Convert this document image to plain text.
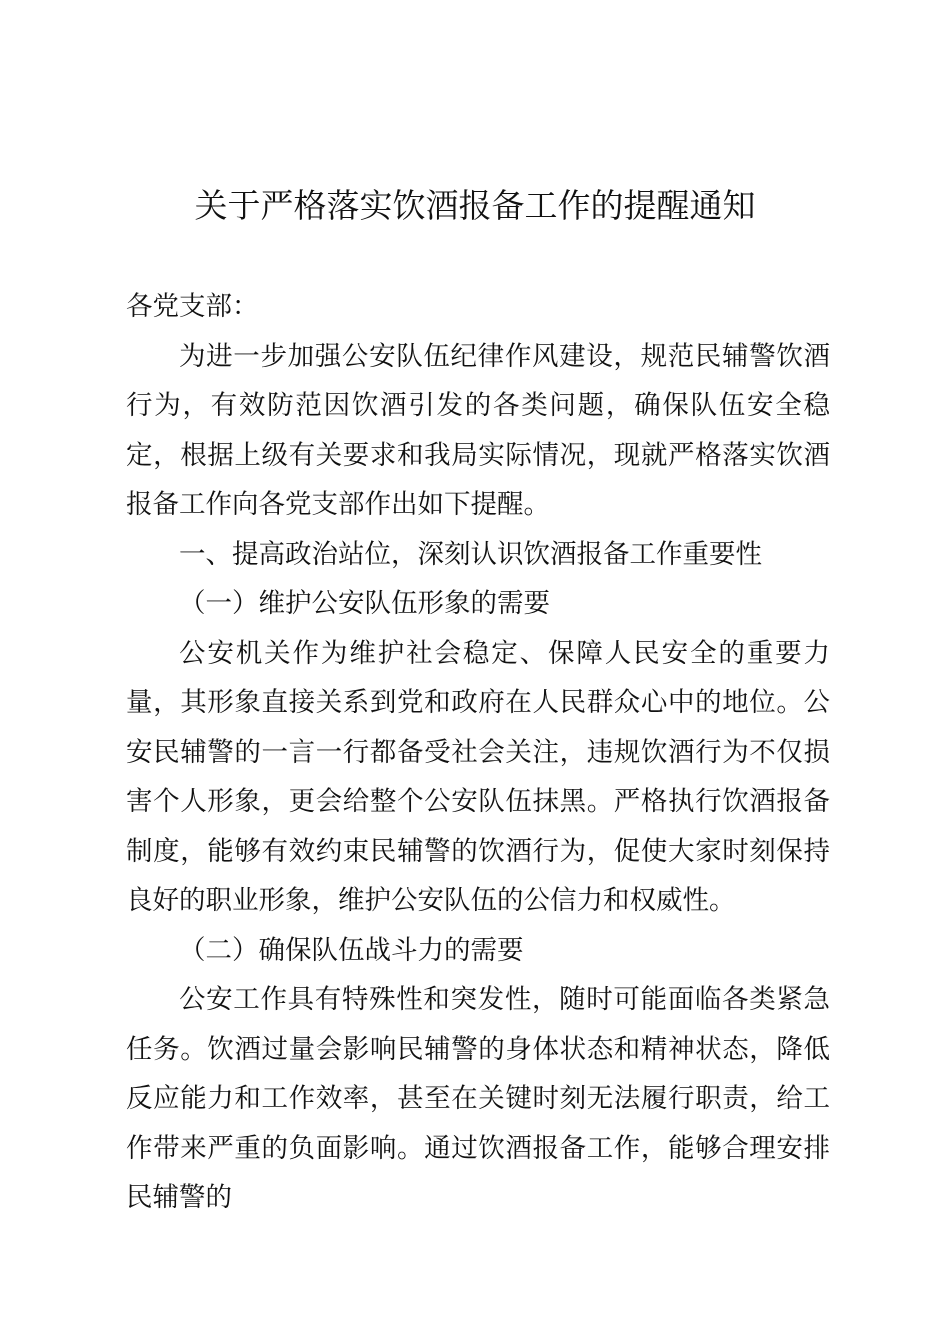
关于严格落实饮酒报备工作的提醒通知

各党支部：

为进一步加强公安队伍纪律作风建设，规范民辅警饮酒行为，有效防范因饮酒引发的各类问题，确保队伍安全稳定，根据上级有关要求和我局实际情况，现就严格落实饮酒报备工作向各党支部作出如下提醒。

一、提高政治站位，深刻认识饮酒报备工作重要性

（一）维护公安队伍形象的需要

公安机关作为维护社会稳定、保障人民安全的重要力量，其形象直接关系到党和政府在人民群众心中的地位。公安民辅警的一言一行都备受社会关注，违规饮酒行为不仅损害个人形象，更会给整个公安队伍抹黑。严格执行饮酒报备制度，能够有效约束民辅警的饮酒行为，促使大家时刻保持良好的职业形象，维护公安队伍的公信力和权威性。

（二）确保队伍战斗力的需要

公安工作具有特殊性和突发性，随时可能面临各类紧急任务。饮酒过量会影响民辅警的身体状态和精神状态，降低反应能力和工作效率，甚至在关键时刻无法履行职责，给工作带来严重的负面影响。通过饮酒报备工作，能够合理安排民辅警的
